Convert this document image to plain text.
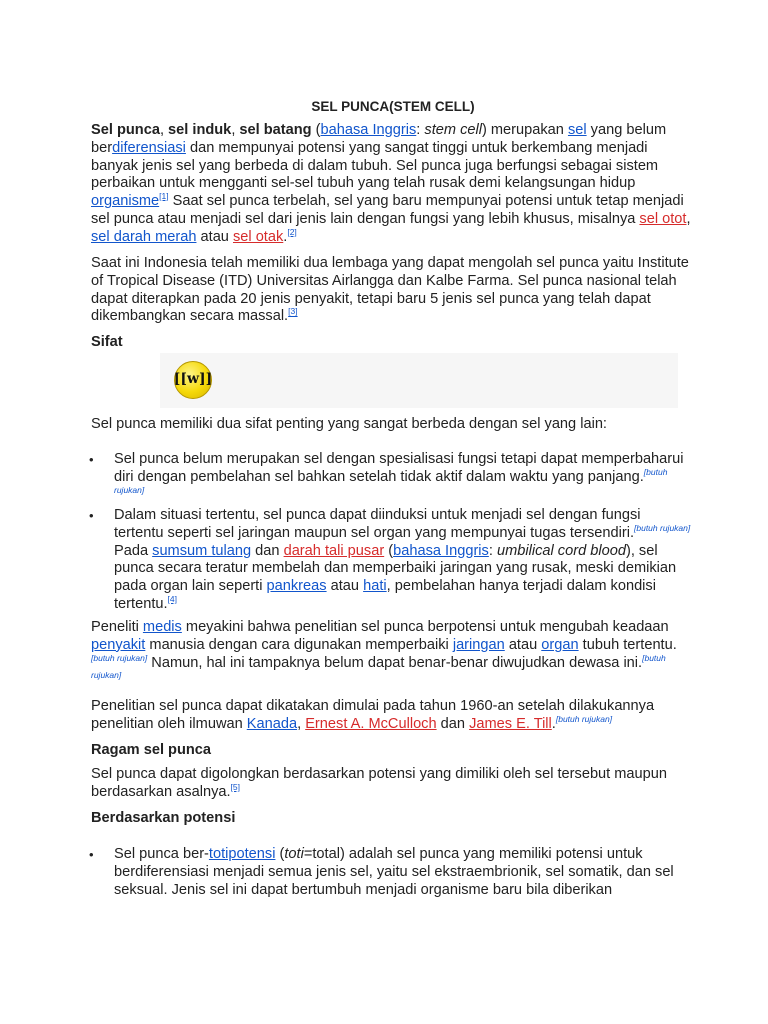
SEL PUNCA(STEM CELL)
Sel punca, sel induk, sel batang (bahasa Inggris: stem cell) merupakan sel yang belum berdiferensiasi dan mempunyai potensi yang sangat tinggi untuk berkembang menjadi banyak jenis sel yang berbeda di dalam tubuh. Sel punca juga berfungsi sebagai sistem perbaikan untuk mengganti sel-sel tubuh yang telah rusak demi kelangsungan hidup organisme[1] Saat sel punca terbelah, sel yang baru mempunyai potensi untuk tetap menjadi sel punca atau menjadi sel dari jenis lain dengan fungsi yang lebih khusus, misalnya sel otot, sel darah merah atau sel otak.[2]
Saat ini Indonesia telah memiliki dua lembaga yang dapat mengolah sel punca yaitu Institute of Tropical Disease (ITD) Universitas Airlangga dan Kalbe Farma. Sel punca nasional telah dapat diterapkan pada 20 jenis penyakit, tetapi baru 5 jenis sel punca yang telah dapat dikembangkan secara massal.[3]
Sifat
[[w]]
Sel punca memiliki dua sifat penting yang sangat berbeda dengan sel yang lain:
• Sel punca belum merupakan sel dengan spesialisasi fungsi tetapi dapat memperbaharui diri dengan pembelahan sel bahkan setelah tidak aktif dalam waktu yang panjang.[butuh rujukan]
• Dalam situasi tertentu, sel punca dapat diinduksi untuk menjadi sel dengan fungsi tertentu seperti sel jaringan maupun sel organ yang mempunyai tugas tersendiri.[butuh rujukan] Pada sumsum tulang dan darah tali pusar (bahasa Inggris: umbilical cord blood), sel punca secara teratur membelah dan memperbaiki jaringan yang rusak, meski demikian pada organ lain seperti pankreas atau hati, pembelahan hanya terjadi dalam kondisi tertentu.[4]
Peneliti medis meyakini bahwa penelitian sel punca berpotensi untuk mengubah keadaan penyakit manusia dengan cara digunakan memperbaiki jaringan atau organ tubuh tertentu.[butuh rujukan] Namun, hal ini tampaknya belum dapat benar-benar diwujudkan dewasa ini.[butuh rujukan]
Penelitian sel punca dapat dikatakan dimulai pada tahun 1960-an setelah dilakukannya penelitian oleh ilmuwan Kanada, Ernest A. McCulloch dan James E. Till.[butuh rujukan]
Ragam sel punca
Sel punca dapat digolongkan berdasarkan potensi yang dimiliki oleh sel tersebut maupun berdasarkan asalnya.[5]
Berdasarkan potensi
• Sel punca ber-totipotensi (toti=total) adalah sel punca yang memiliki potensi untuk berdiferensiasi menjadi semua jenis sel, yaitu sel ekstraembrionik, sel somatik, dan sel seksual. Jenis sel ini dapat bertumbuh menjadi organisme baru bila diberikan
